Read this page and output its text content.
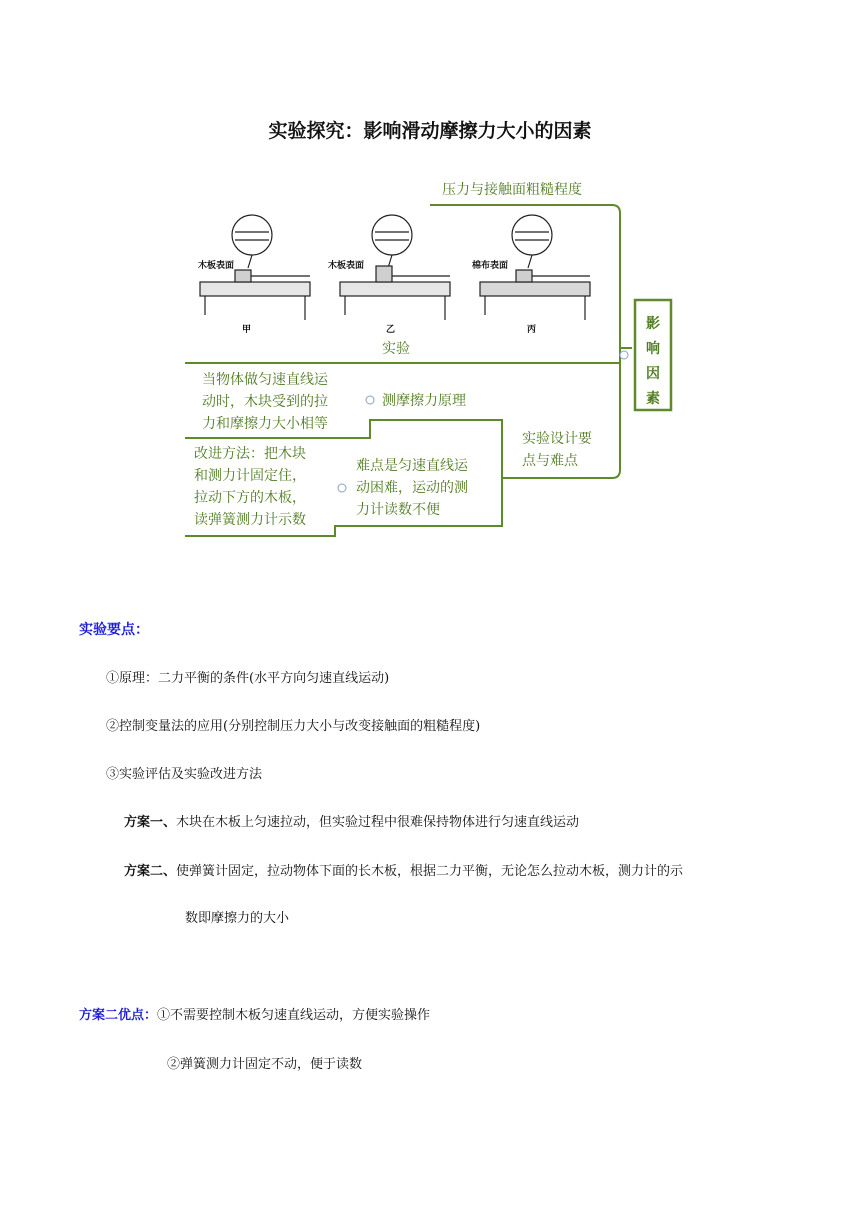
实验探究：影响滑动摩擦力大小的因素
木板表面	木板表面	棉布表面
甲	乙	丙
压力与接触面粗糙程度
实验
当物体做匀速直线运
动时，木块受到的拉
力和摩擦力大小相等
测摩擦力原理
实验设计要
点与难点
改进方法：把木块
和测力计固定住，
拉动下方的木板，
读弹簧测力计示数
难点是匀速直线运
动困难，运动的测
力计读数不便
影
响
因
素
实验要点：
①原理：二力平衡的条件(水平方向匀速直线运动)
②控制变量法的应用(分别控制压力大小与改变接触面的粗糙程度)
③实验评估及实验改进方法
方案一、木块在木板上匀速拉动，但实验过程中很难保持物体进行匀速直线运动
方案二、使弹簧计固定，拉动物体下面的长木板，根据二力平衡，无论怎么拉动木板，测力计的示
数即摩擦力的大小
方案二优点：①不需要控制木板匀速直线运动，方便实验操作
②弹簧测力计固定不动，便于读数
